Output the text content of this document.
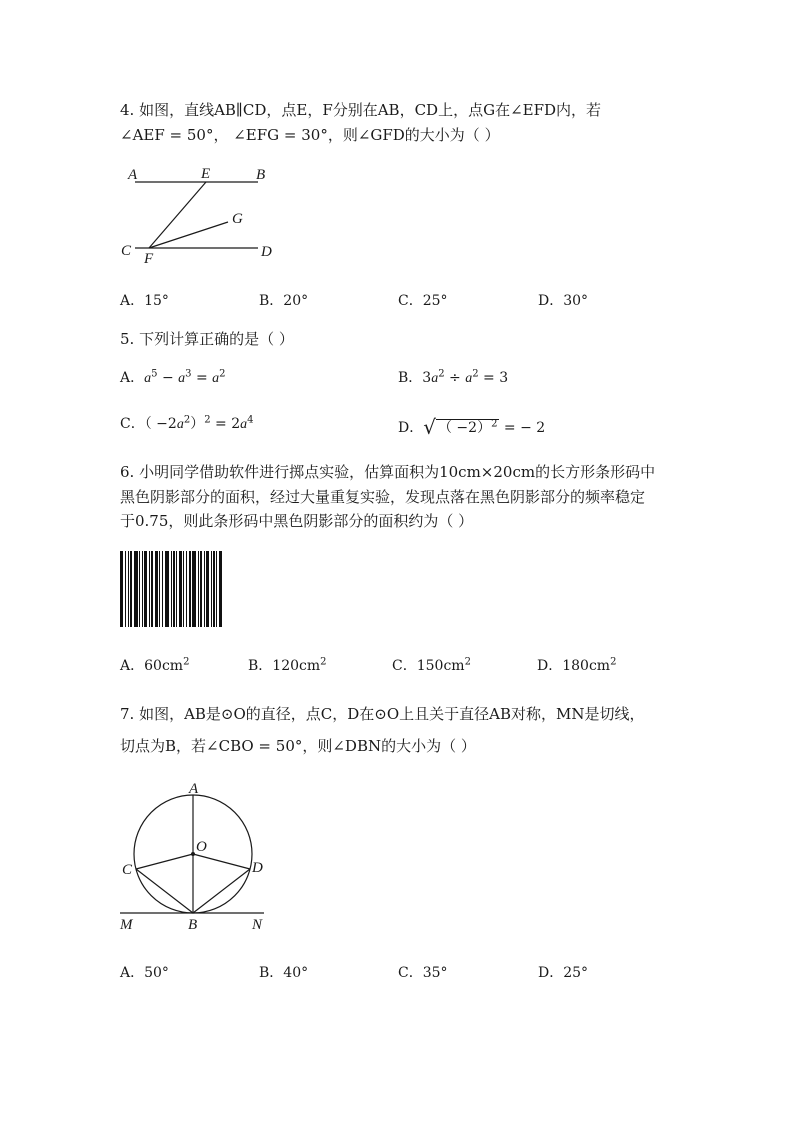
4. 如图，直线AB∥CD，点E，F分别在AB，CD上，点G在∠EFD内，若
∠AEF = 50°， ∠EFG = 30°，则∠GFD的大小为（ ）
A	E	B
G
C F	D
A．15°	B．20°	C．25°	D．30°
5. 下列计算正确的是（ ）
A．$a^5 - a^3 = a^2$	B．$3a^2 \div a^2 = 3$
C．（ $-2a^2)^2 = 2a^4$
D．√ （ −2）$^2$ = − 2
6. 小明同学借助软件进行掷点实验，估算面积为10cm×20cm的长方形条形码中
黑色阴影部分的面积，经过大量重复实验，发现点落在黑色阴影部分的频率稳定
于0.75，则此条形码中黑色阴影部分的面积约为（ ）
A．$60cm^2$	B．$120cm^2$	C．$150cm^2$	D．$180cm^2$
7. 如图，AB是⊙O的直径，点C，D在⊙O上且关于直径AB对称，MN是切线，
切点为B，若∠CBO = 50°，则∠DBN的大小为（ ）
A
O
C	D
M	B	N
A．50°	B．40°	C．35°	D．25°
